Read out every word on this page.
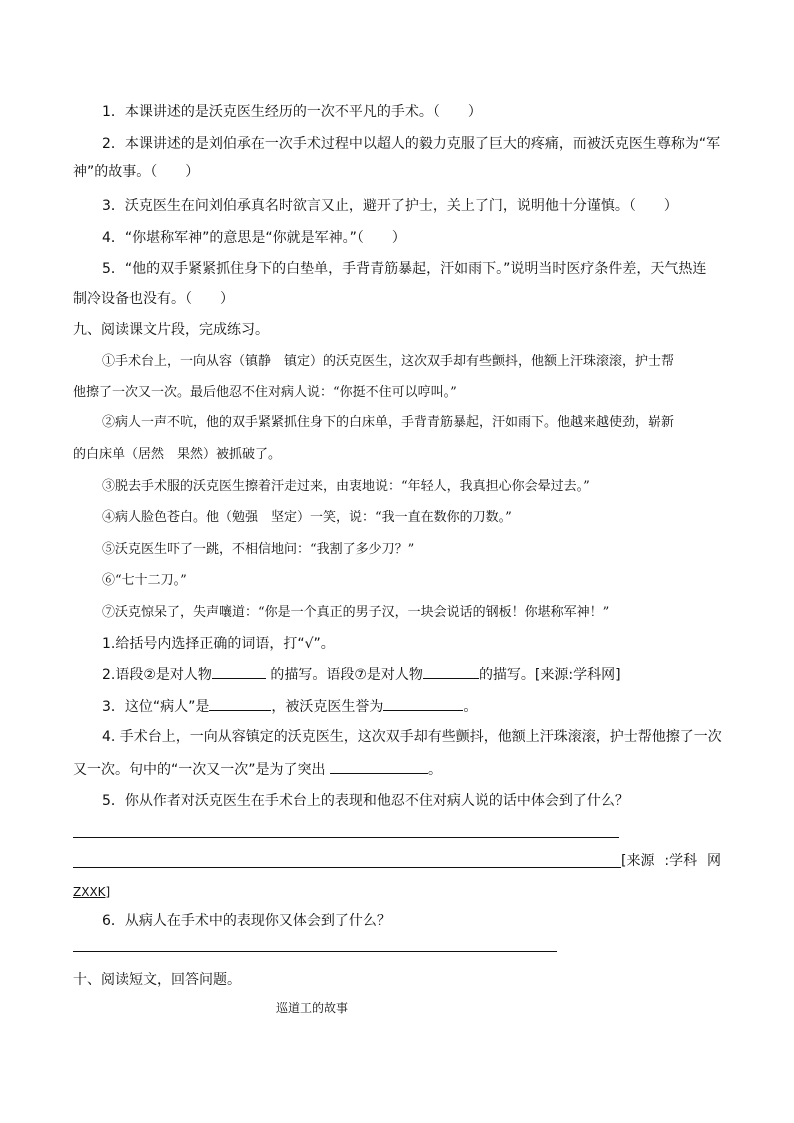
1．本课讲述的是沃克医生经历的一次不平凡的手术。（　　）
2．本课讲述的是刘伯承在一次手术过程中以超人的毅力克服了巨大的疼痛，而被沃克医生尊称为“军
神”的故事。（　　）
3．沃克医生在问刘伯承真名时欲言又止，避开了护士，关上了门，说明他十分谨慎。（　　）
4．“你堪称军神”的意思是“你就是军神。”（　　）
5．“他的双手紧紧抓住身下的白垫单，手背青筋暴起，汗如雨下。”说明当时医疗条件差，天气热连
制冷设备也没有。（　　）
九、阅读课文片段，完成练习。
①手术台上，一向从容（镇静　镇定）的沃克医生，这次双手却有些颤抖，他额上汗珠滚滚，护士帮
他擦了一次又一次。最后他忍不住对病人说：“你挺不住可以哼叫。”
②病人一声不吭，他的双手紧紧抓住身下的白床单，手背青筋暴起，汗如雨下。他越来越使劲，崭新
的白床单（居然　果然）被抓破了。
③脱去手术服的沃克医生擦着汗走过来，由衷地说：“年轻人，我真担心你会晕过去。”
④病人脸色苍白。他（勉强　坚定）一笑，说：“我一直在数你的刀数。”
⑤沃克医生吓了一跳，不相信地问：“我割了多少刀？”
⑥“七十二刀。”
⑦沃克惊呆了，失声嚷道：“你是一个真正的男子汉，一块会说话的钢板！你堪称军神！”
1.给括号内选择正确的词语，打“√”。
2.语段②是对人物	的描写。语段⑦是对人物	的描写。[来源:学科网]
3．这位“病人”是	，被沃克医生誉为	。
4. 手术台上，一向从容镇定的沃克医生，这次双手却有些颤抖，他额上汗珠滚滚，护士帮他擦了一次
又一次。句中的“一次又一次”是为了突出	。
5．你从作者对沃克医生在手术台上的表现和他忍不住对病人说的话中体会到了什么？
[来源 :学科 网
ZXXK]
6．从病人在手术中的表现你又体会到了什么？
十、阅读短文，回答问题。
巡道工的故事
